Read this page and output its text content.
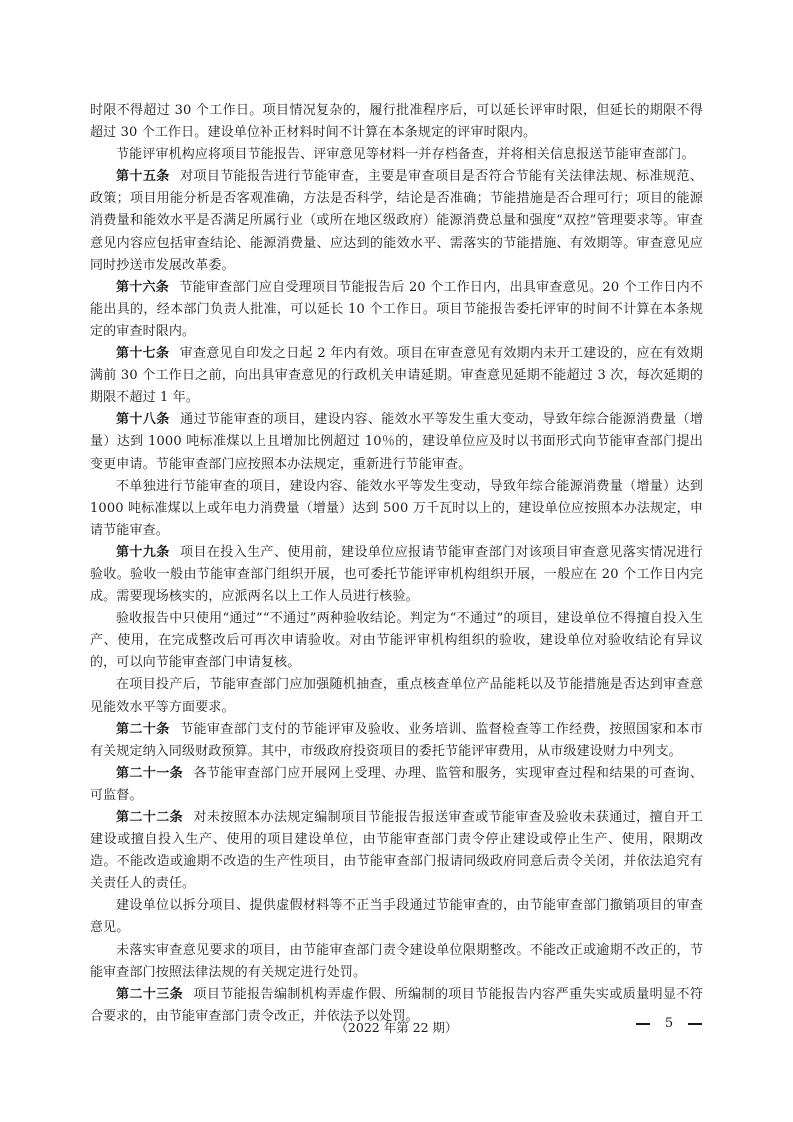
时限不得超过 30 个工作日。项目情况复杂的，履行批准程序后，可以延长评审时限，但延长的期限不得超过 30 个工作日。建设单位补正材料时间不计算在本条规定的评审时限内。

节能评审机构应将项目节能报告、评审意见等材料一并存档备查，并将相关信息报送节能审查部门。

第十五条 对项目节能报告进行节能审查，主要是审查项目是否符合节能有关法律法规、标准规范、政策；项目用能分析是否客观准确，方法是否科学，结论是否准确；节能措施是否合理可行；项目的能源消费量和能效水平是否满足所属行业（或所在地区级政府）能源消费总量和强度“双控”管理要求等。审查意见内容应包括审查结论、能源消费量、应达到的能效水平、需落实的节能措施、有效期等。审查意见应同时抄送市发展改革委。

第十六条 节能审查部门应自受理项目节能报告后 20 个工作日内，出具审查意见。20 个工作日内不能出具的，经本部门负责人批准，可以延长 10 个工作日。项目节能报告委托评审的时间不计算在本条规定的审查时限内。

第十七条 审查意见自印发之日起 2 年内有效。项目在审查意见有效期内未开工建设的，应在有效期满前 30 个工作日之前，向出具审查意见的行政机关申请延期。审查意见延期不能超过 3 次，每次延期的期限不超过 1 年。

第十八条 通过节能审查的项目，建设内容、能效水平等发生重大变动，导致年综合能源消费量（增量）达到 1000 吨标准煤以上且增加比例超过 10％的，建设单位应及时以书面形式向节能审查部门提出变更申请。节能审查部门应按照本办法规定，重新进行节能审查。

不单独进行节能审查的项目，建设内容、能效水平等发生变动，导致年综合能源消费量（增量）达到 1000 吨标准煤以上或年电力消费量（增量）达到 500 万千瓦时以上的，建设单位应按照本办法规定，申请节能审查。

第十九条 项目在投入生产、使用前，建设单位应报请节能审查部门对该项目审查意见落实情况进行验收。验收一般由节能审查部门组织开展，也可委托节能评审机构组织开展，一般应在 20 个工作日内完成。需要现场核实的，应派两名以上工作人员进行核验。

验收报告中只使用“通过”“不通过”两种验收结论。判定为“不通过”的项目，建设单位不得擅自投入生产、使用，在完成整改后可再次申请验收。对由节能评审机构组织的验收，建设单位对验收结论有异议的，可以向节能审查部门申请复核。

在项目投产后，节能审查部门应加强随机抽查，重点核查单位产品能耗以及节能措施是否达到审查意见能效水平等方面要求。

第二十条 节能审查部门支付的节能评审及验收、业务培训、监督检查等工作经费，按照国家和本市有关规定纳入同级财政预算。其中，市级政府投资项目的委托节能评审费用，从市级建设财力中列支。

第二十一条 各节能审查部门应开展网上受理、办理、监管和服务，实现审查过程和结果的可查询、可监督。

第二十二条 对未按照本办法规定编制项目节能报告报送审查或节能审查及验收未获通过，擅自开工建设或擅自投入生产、使用的项目建设单位，由节能审查部门责令停止建设或停止生产、使用，限期改造。不能改造或逾期不改造的生产性项目，由节能审查部门报请同级政府同意后责令关闭，并依法追究有关责任人的责任。

建设单位以拆分项目、提供虚假材料等不正当手段通过节能审查的，由节能审查部门撤销项目的审查意见。

未落实审查意见要求的项目，由节能审查部门责令建设单位限期整改。不能改正或逾期不改正的，节能审查部门按照法律法规的有关规定进行处罚。

第二十三条 项目节能报告编制机构弄虚作假、所编制的项目节能报告内容严重失实或质量明显不符合要求的，由节能审查部门责令改正，并依法予以处罚。

（2022 年第 22 期）	5
